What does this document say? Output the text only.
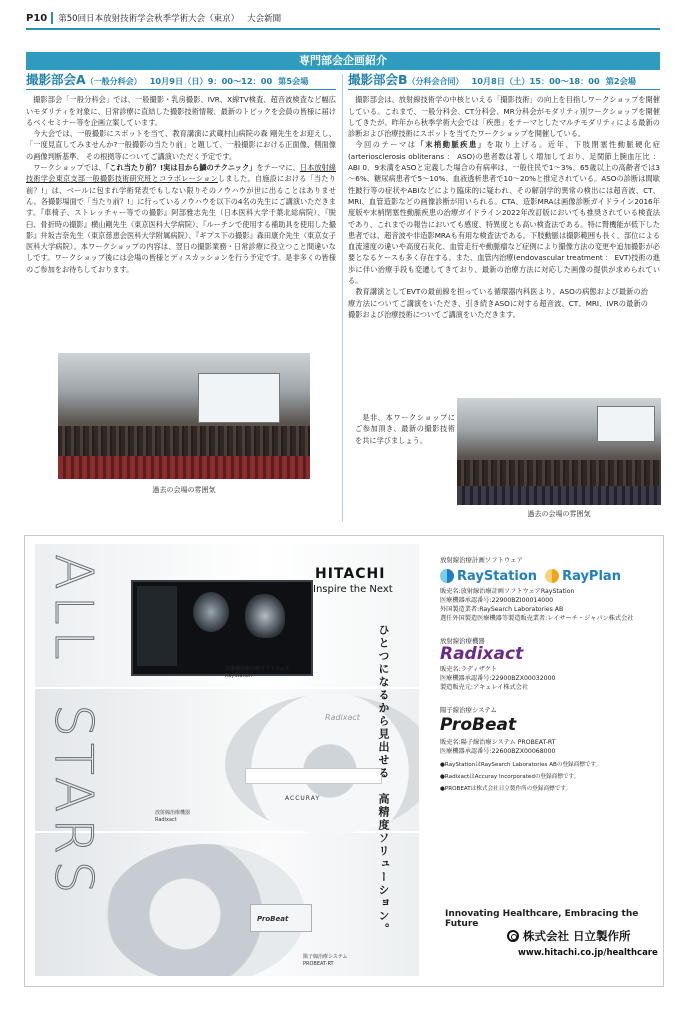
P10 第50回日本放射技術学会秋季学術大会（東京） 大会新聞
専門部会企画紹介
撮影部会A （一般分科会） 10月9日（日）9：00～12：00 第5会場

撮影部会「一般分科会」では、一般撮影・乳房撮影、IVR、X線TV検査、超音波検査など幅広いモダリティを対象に、日常診療に直結した撮影技術情報、最新のトピックを会員の皆様に届けるべくセミナー等を企画立案しています。

今大会では、一般撮影にスポットを当て、教育講演に武蔵村山病院の森 剛先生をお迎えし、「一度見直してみませんか?一般撮影の当たり前」と題して、一般撮影における正面像、側面像の画像判断基準、 その根拠等についてご講演いただく予定です。

ワークショップでは、「これ当たり前？!実は目から鱗のテクニック」をテーマに、日本放射線技術学会東京支部一般撮影技術研究班とコラボレーションしました。自施設における「当たり前？!」は、ベールに包まれ学術発表でもしない限りそのノウハウが世に出ることはありません。各撮影場面で「当たり前？!」に行っているノウハウを以下の4名の先生にご講演いただきます。『車椅子、ストレッチャー等での撮影』阿部雅志先生（日本医科大学千葉北総病院）、『脱臼、骨折時の撮影』横山剛先生（東京医科大学病院）、『ルーチンで使用する補助具を使用した撮影』井坂吉奈先生（東京慈恵会医科大学附属病院）、『ギプス下の撮影』森田康介先生（東京女子医科大学病院）。本ワークショップの内容は、翌日の撮影業務・日常診療に役立つこと間違いなしです。ワークショップ後には会場の皆様とディスカッションを行う予定です。是非多くの皆様のご参加をお待ちしております。

過去の会場の雰囲気
撮影部会B （分科会合同） 10月8日（土）15：00～18：00 第2会場

撮影部会は、放射線技術学の中核といえる「撮影技術」の向上を目指しワークショップを開催している。これまで、一般分科会、CT分科会、MR分科会がモダリティ別ワークショップを開催してきたが、昨年から秋季学術大会では「疾患」をテーマとしたマルチモダリティによる最新の診断および治療技術にスポットを当てたワークショップを開催している。

今回のテーマは「末梢動脈疾患」を取り上げる。近年、下肢閉塞性動脈硬化症(arteriosclerosis obliterans ： ASO)の患者数は著しく増加しており、足関節上腕血圧比 ： ABI 0．9未満をASOと定義した場合の有病率は、一般住民で1～3%、65歳以上の高齢者では3～6%、糖尿病患者で5～10%、血液透析患者で10～20%と推定されている。ASOの診断は間歇性跛行等の症状やABIなどにより臨床的に疑われ、その解剖学的異常の検出には超音波、CT、MRI、血管造影などの画像診断が用いられる。CTA、造影MRAは画像診断ガイドライン2016年度版や末梢閉塞性動脈疾患の治療ガイドライン2022年改訂版においても推奨されている検査法であり、これまでの報告においても感度、特異度とも高い検査法である。特に腎機能が低下した患者では、超音波や非造影MRAも有用な検査法である。下肢動脈は撮影範囲も長く、部位による血流速度の違いや高度石灰化、血管走行や動脈瘤など症例により撮像方法の変更や追加撮影が必要となるケースも多く存在する。また、血管内治療(endovascular treatment ： EVT)技術の進歩に伴い治療手段も変遷してきており、最新の治療方法に対応した画像の提供が求められている。

教育講演としてEVTの最前線を担っている循環器内科医より、ASOの病態および最新の治療方法についてご講演をいただき、引き続きASOに対する超音波、CT、MRI、IVRの最新の撮影および治療技術についてご講演をいただきます。

是非、本ワークショップにご参加頂き、最新の撮影技術を共に学びましょう。

過去の会場の雰囲気
放射線治療計画ソフトウェア
RayStation
Radixact
ACCURAY
放射線治療機器
Radixact
ProBeat
陽子線治療システム
PROBEAT-RT
ALL
STARS
HITACHI
Inspire the Next
ひとつになるから見出せる　高精度ソリューション。
放射線治療計画ソフトウェア
RayStation RayPlan
販売名:放射線治療計画ソフトウェアRayStation
医療機器承認番号:22900BZI00014000
外国製造業者:RaySearch Laboratories AB
選任外国製造医療機器等製造販売業者:レイサーチ・ジャパン株式会社
放射線治療機器
Radixact
販売名:ラディザクト
医療機器承認番号:22900BZX00032000
製造販売元:アキュレイ株式会社
陽子線治療システム
ProBeat
販売名:陽子線治療システム PROBEAT-RT
医療機器承認番号:22600BZX00068000
●RayStationはRaySearch Laboratories ABの登録商標です。
●RadixactはAccuray Incorporatedの登録商標です。
●PROBEATは株式会社日立製作所の登録商標です。
Innovating Healthcare, Embracing the Future
株式会社 日立製作所
www.hitachi.co.jp/healthcare
